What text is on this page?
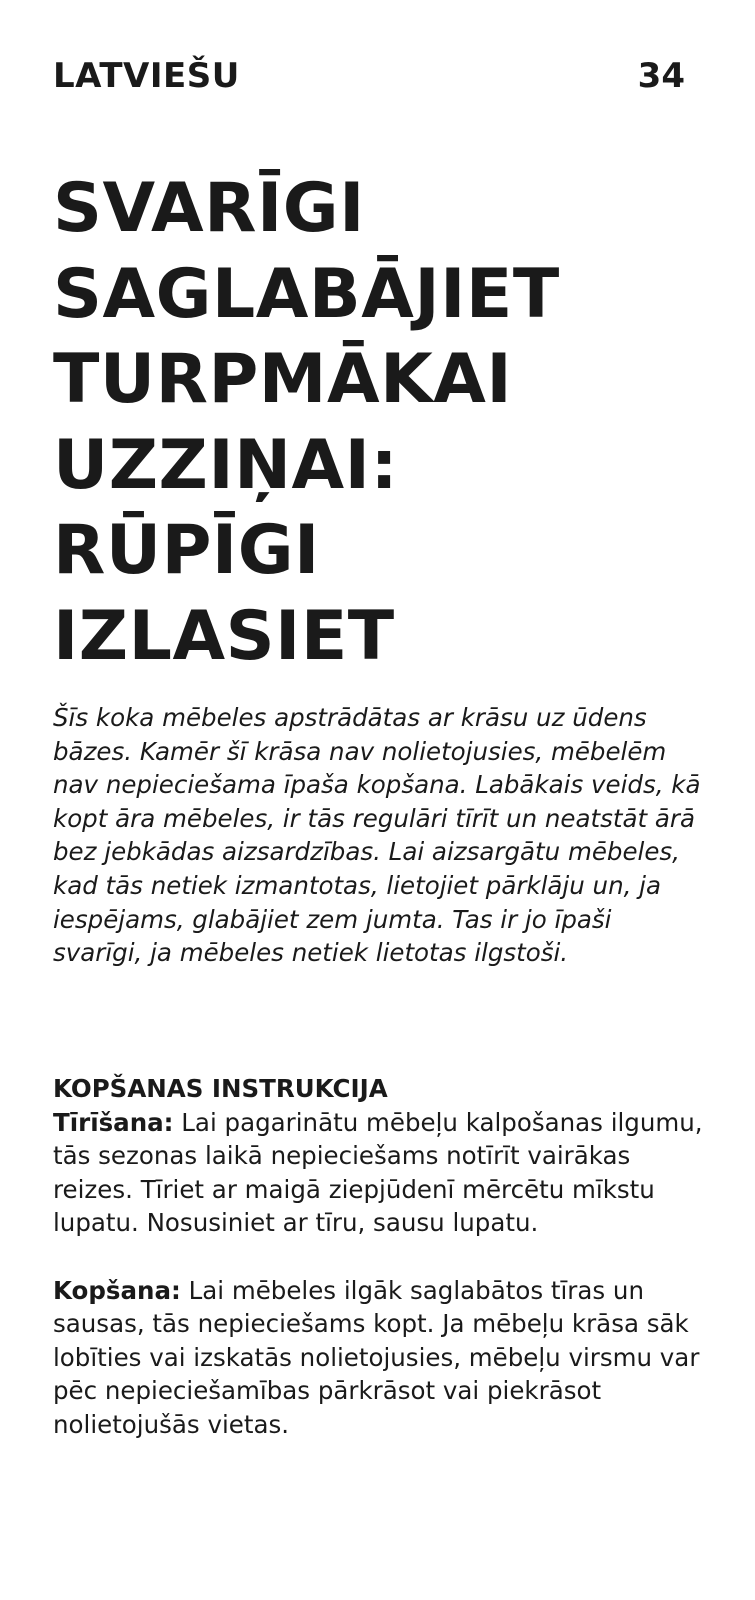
LATVIEŠU	34
SVARĪGI
SAGLABĀJIET
TURPMĀKAI
UZZIŅAI:
RŪPĪGI
IZLASIET

Šīs koka mēbeles apstrādātas ar krāsu uz ūdens bāzes. Kamēr šī krāsa nav nolietojusies, mēbelēm nav nepieciešama īpaša kopšana. Labākais veids, kā kopt āra mēbeles, ir tās regulāri tīrīt un neatstāt ārā bez jebkādas aizsardzības. Lai aizsargātu mēbeles, kad tās netiek izmantotas, lietojiet pārklāju un, ja iespējams, glabājiet zem jumta. Tas ir jo īpaši svarīgi, ja mēbeles netiek lietotas ilgstoši.

KOPŠANAS INSTRUKCIJA

Tīrīšana: Lai pagarinātu mēbeļu kalpošanas ilgumu, tās sezonas laikā nepieciešams notīrīt vairākas reizes. Tīriet ar maigā ziepjūdenī mērcētu mīkstu lupatu. Nosusiniet ar tīru, sausu lupatu.

Kopšana: Lai mēbeles ilgāk saglabātos tīras un sausas, tās nepieciešams kopt. Ja mēbeļu krāsa sāk lobīties vai izskatās nolietojusies, mēbeļu virsmu var pēc nepieciešamības pārkrāsot vai piekrāsot nolietojušās vietas.
